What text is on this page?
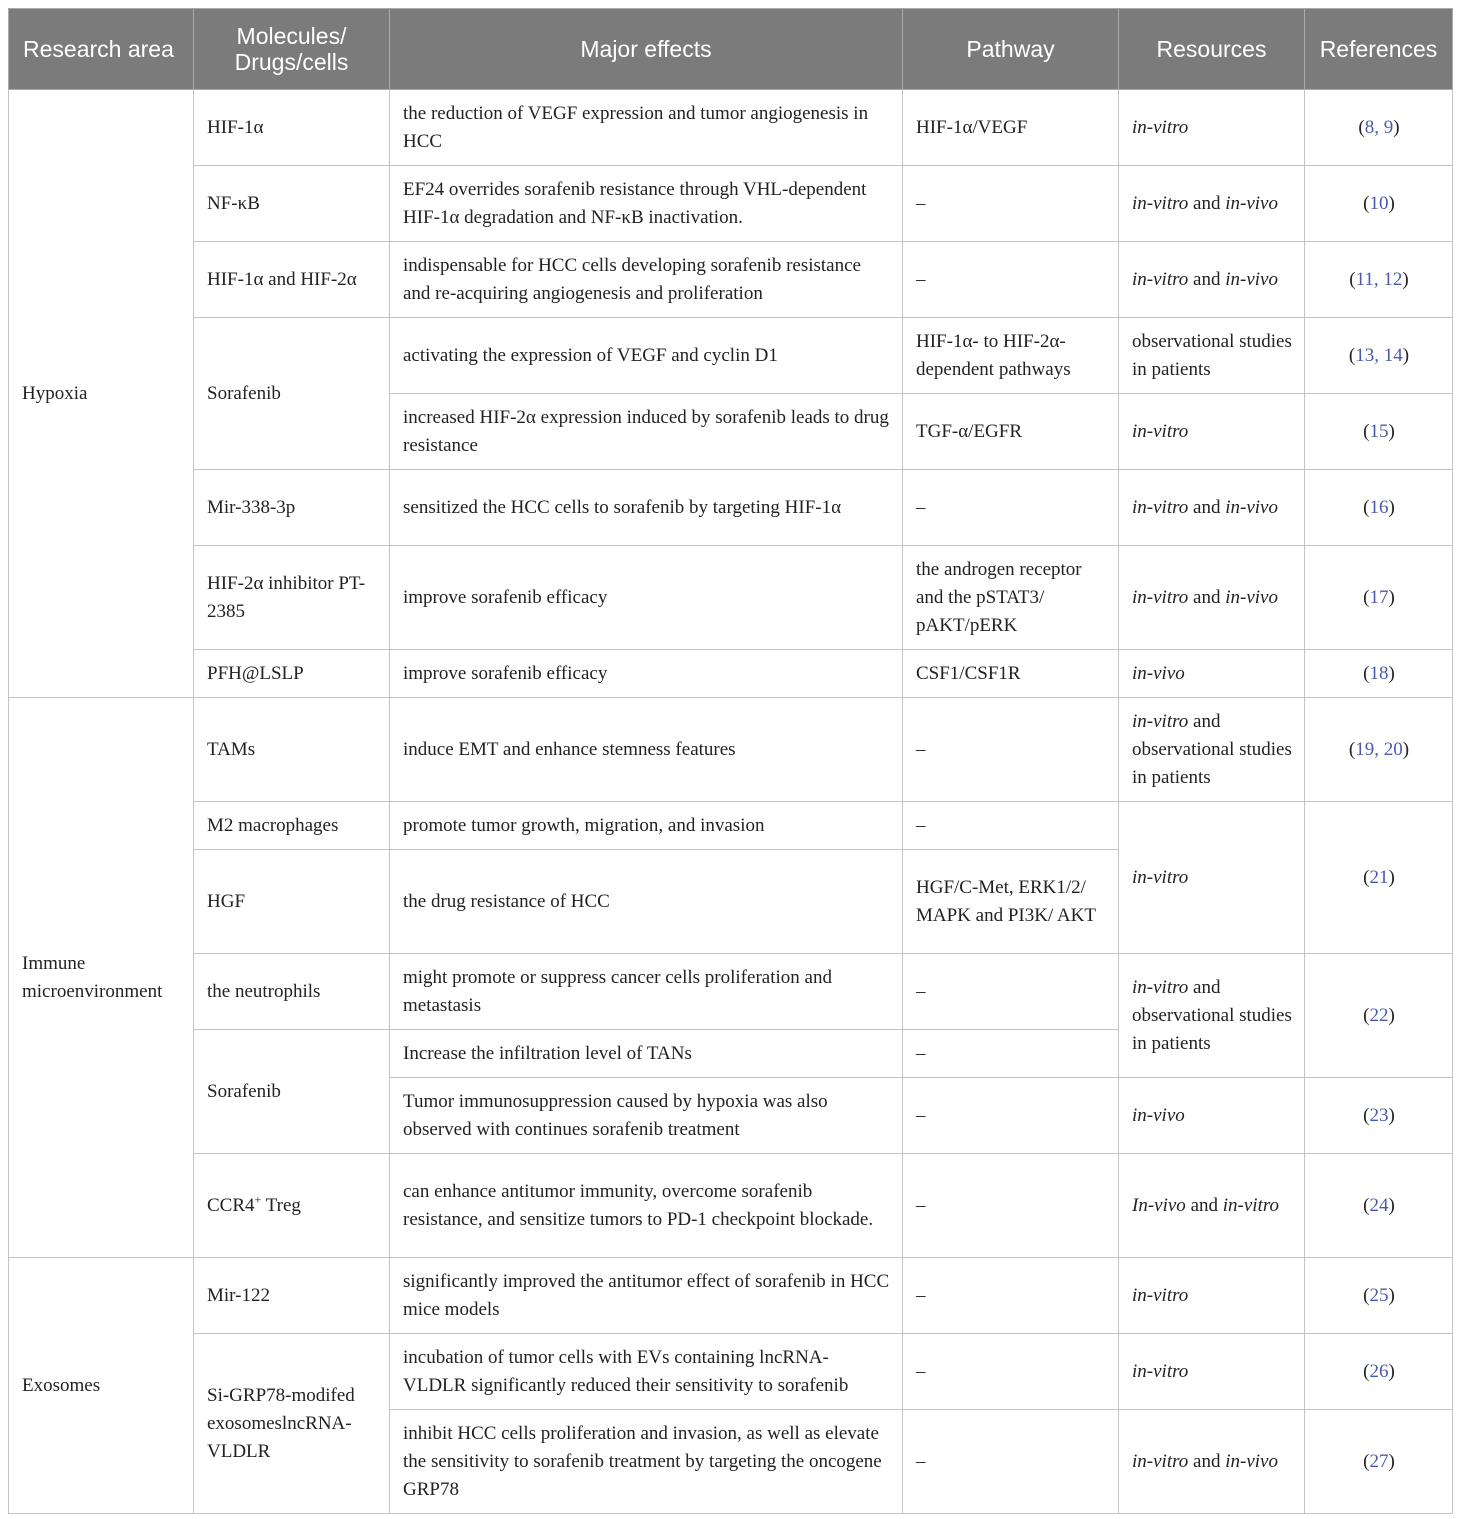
Research area	Molecules/ Drugs/cells	Major effects	Pathway	Resources	References
Hypoxia	HIF-1α	the reduction of VEGF expression and tumor angiogenesis in HCC	HIF-1α/VEGF	in-vitro	(8, 9)
	NF-κB	EF24 overrides sorafenib resistance through VHL-dependent HIF-1α degradation and NF-κB inactivation.	–	in-vitro and in-vivo	(10)
	HIF-1α and HIF-2α	indispensable for HCC cells developing sorafenib resistance and re-acquiring angiogenesis and proliferation	–	in-vitro and in-vivo	(11, 12)
	Sorafenib	activating the expression of VEGF and cyclin D1	HIF-1α- to HIF-2α-dependent pathways	observational studies in patients	(13, 14)
		increased HIF-2α expression induced by sorafenib leads to drug resistance	TGF-α/EGFR	in-vitro	(15)
	Mir-338-3p	sensitized the HCC cells to sorafenib by targeting HIF-1α	–	in-vitro and in-vivo	(16)
	HIF-2α inhibitor PT-2385	improve sorafenib efficacy	the androgen receptor and the pSTAT3/ pAKT/pERK	in-vitro and in-vivo	(17)
	PFH@LSLP	improve sorafenib efficacy	CSF1/CSF1R	in-vivo	(18)
Immune microenvironment	TAMs	induce EMT and enhance stemness features	–	in-vitro and observational studies in patients	(19, 20)
	M2 macrophages	promote tumor growth, migration, and invasion	–	in-vitro	(21)
	HGF	the drug resistance of HCC	HGF/C-Met, ERK1/2/ MAPK and PI3K/ AKT		
	the neutrophils	might promote or suppress cancer cells proliferation and metastasis	–	in-vitro and observational studies in patients	(22)
	Sorafenib	Increase the infiltration level of TANs	–		
		Tumor immunosuppression caused by hypoxia was also observed with continues sorafenib treatment	–	in-vivo	(23)
	CCR4+ Treg	can enhance antitumor immunity, overcome sorafenib resistance, and sensitize tumors to PD-1 checkpoint blockade.	–	In-vivo and in-vitro	(24)
Exosomes	Mir-122	significantly improved the antitumor effect of sorafenib in HCC mice models	–	in-vitro	(25)
	Si-GRP78-modifed exosomeslncRNA-VLDLR	incubation of tumor cells with EVs containing lncRNA-VLDLR significantly reduced their sensitivity to sorafenib	–	in-vitro	(26)
		inhibit HCC cells proliferation and invasion, as well as elevate the sensitivity to sorafenib treatment by targeting the oncogene GRP78	–	in-vitro and in-vivo	(27)
